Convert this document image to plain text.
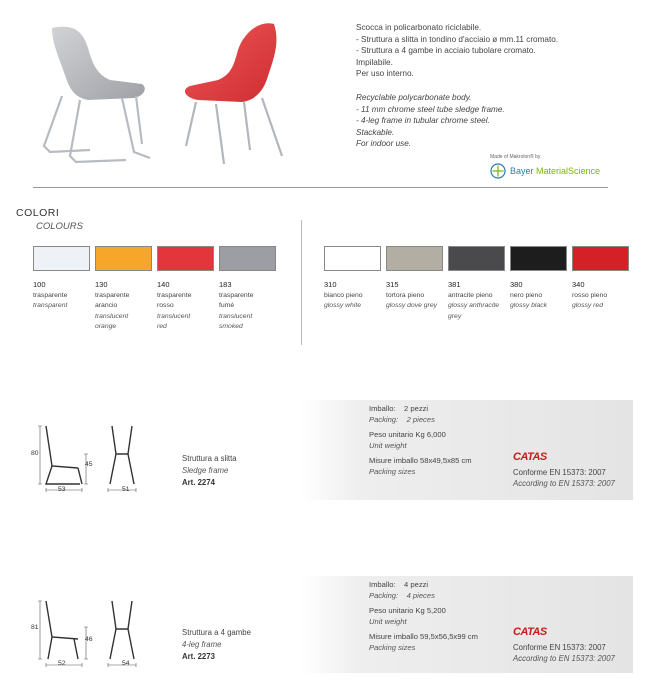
Scocca in policarbonato riciclabile.
- Struttura a slitta in tondino d'acciaio ø mm.11 cromato.
- Struttura a 4 gambe in acciaio tubolare cromato.
Impilabile.
Per uso interno.
Recyclable polycarbonate body.
- 11 mm chrome steel tube sledge frame.
- 4-leg frame in tubular chrome steel.
Stackable.
For indoor use.
Made of Makrolon® by
Bayer MaterialScience
COLORI
COLOURS
100
trasparente
transparent
130
trasparente
arancio
translucent
orange
140
trasparente
rosso
translucent
red
183
trasparente
fumé
translucent
smoked
310
bianco pieno
glossy white
315
tortora pieno
glossy dove grey
381
antracite pieno
glossy anthracite
grey
380
nero pieno
glossy black
340
rosso pieno
glossy red
80
45
53	51
Struttura a slitta
Sledge frame
Art. 2274
Imballo: 2 pezzi
Packing: 2 pieces
Peso unitario Kg 6,000
Unit weight
Misure imballo 58x49,5x85 cm
Packing sizes
CATAS
Conforme EN 15373: 2007
According to EN 15373: 2007
81
46
52	54
Struttura a 4 gambe
4-leg frame
Art. 2273
Imballo: 4 pezzi
Packing: 4 pieces
Peso unitario Kg 5,200
Unit weight
Misure imballo 59,5x56,5x99 cm
Packing sizes
CATAS
Conforme EN 15373: 2007
According to EN 15373: 2007
